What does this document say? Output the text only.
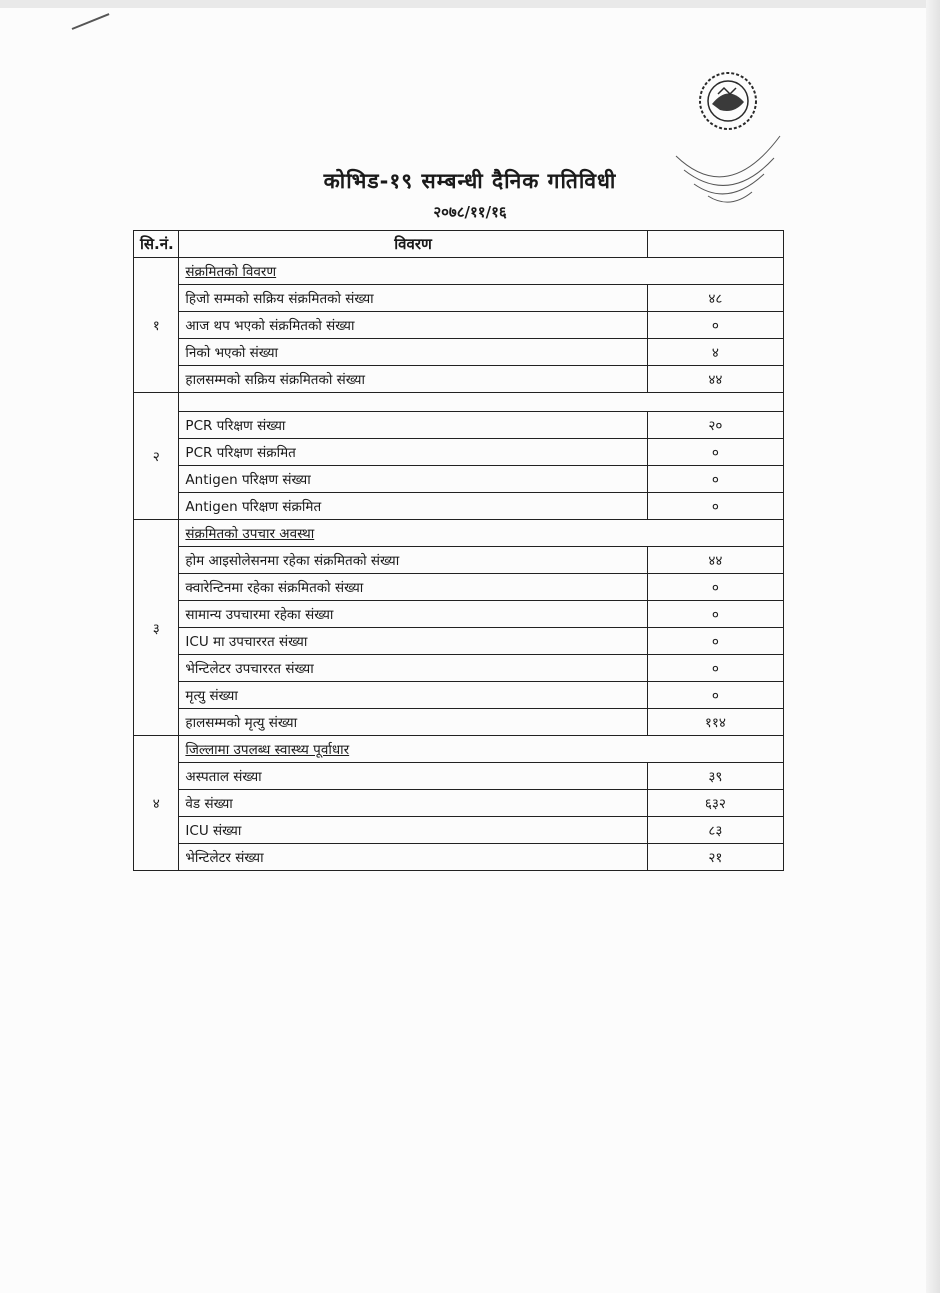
कोभिड-१९ सम्बन्धी दैनिक गतिविधी
२०७८/११/१६
सि.नं.	विवरण	
१	संक्रमितको विवरण	
	हिजो सम्मको सक्रिय संक्रमितको संख्या	४८
	आज थप भएको संक्रमितको संख्या	०
	निको भएको संख्या	४
	हालसम्मको सक्रिय संक्रमितको संख्या	४४
२		
	PCR परिक्षण संख्या	२०
	PCR परिक्षण संक्रमित	०
	Antigen परिक्षण संख्या	०
	Antigen परिक्षण संक्रमित	०
३	संक्रमितको उपचार अवस्था	
	होम आइसोलेसनमा रहेका संक्रमितको संख्या	४४
	क्वारेन्टिनमा रहेका संक्रमितको संख्या	०
	सामान्य उपचारमा रहेका संख्या	०
	ICU मा उपचाररत संख्या	०
	भेन्टिलेटर उपचाररत संख्या	०
	मृत्यु संख्या	०
	हालसम्मको मृत्यु संख्या	११४
४	जिल्लामा उपलब्ध स्वास्थ्य पूर्वाधार	
	अस्पताल संख्या	३९
	वेड संख्या	६३२
	ICU संख्या	८३
	भेन्टिलेटर संख्या	२१
